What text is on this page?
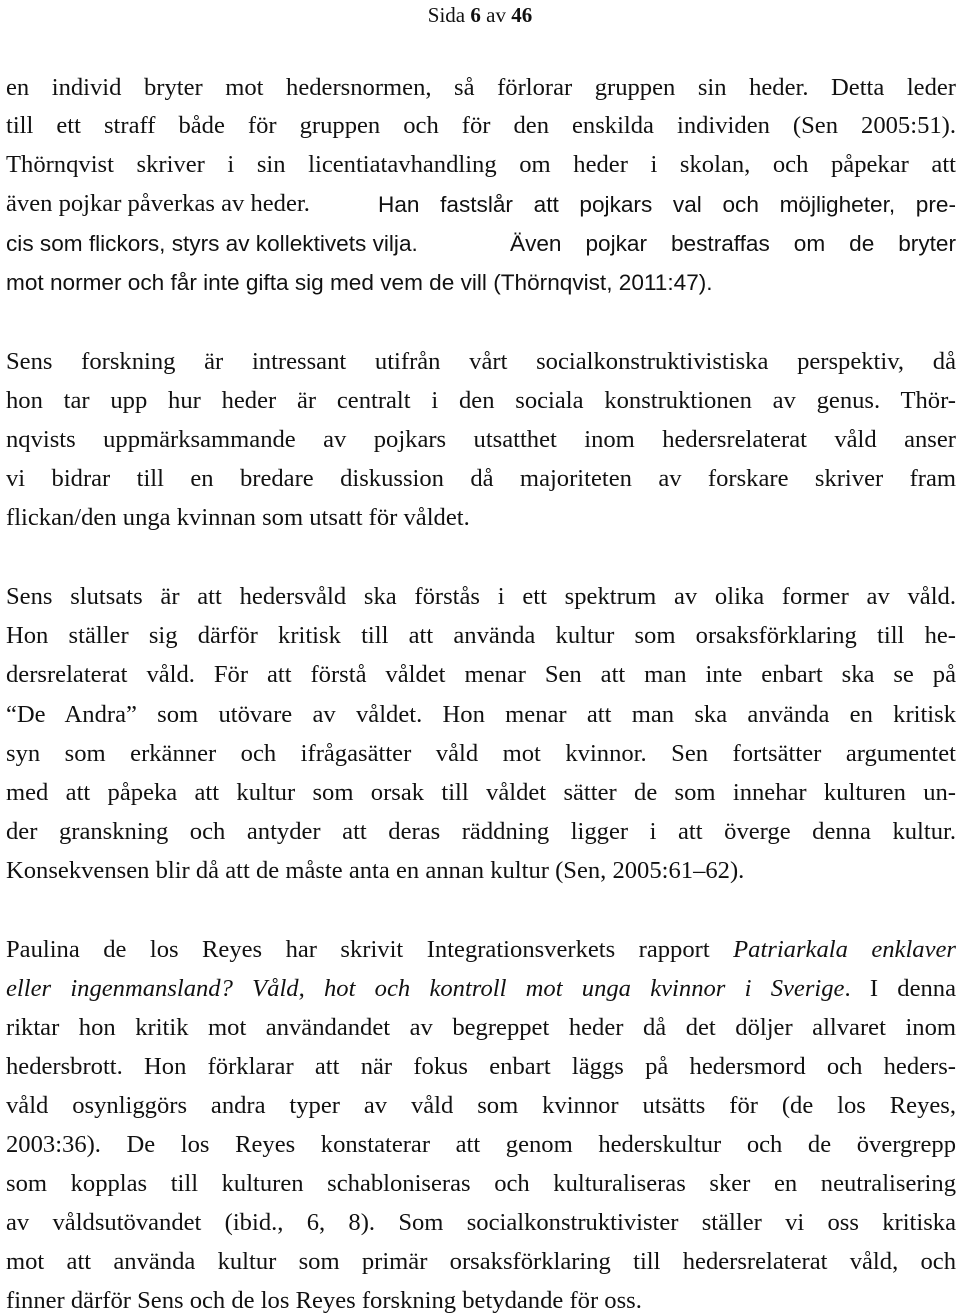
Sida 6 av 46
en individ bryter mot hedersnormen, så förlorar gruppen sin heder. Detta leder
till ett straff både för gruppen och för den enskilda individen (Sen 2005:51).
Thörnqvist skriver i sin licentiatavhandling om heder i skolan, och påpekar att
även pojkar påverkas av heder.	Han fastslår att pojkars val och möjligheter, pre-
cis som flickors, styrs av kollektivets vilja.	Även pojkar bestraffas om de bryter
mot normer och får inte gifta sig med vem de vill (Thörnqvist, 2011:47).
Sens forskning är intressant utifrån vårt socialkonstruktivistiska perspektiv, då
hon tar upp hur heder är centralt i den sociala konstruktionen av genus. Thör-
nqvists uppmärksammande av pojkars utsatthet inom hedersrelaterat våld anser
vi bidrar till en bredare diskussion då majoriteten av forskare skriver fram
flickan/den unga kvinnan som utsatt för våldet.
Sens slutsats är att hedersvåld ska förstås i ett spektrum av olika former av våld.
Hon ställer sig därför kritisk till att använda kultur som orsaksförklaring till he-
dersrelaterat våld. För att förstå våldet menar Sen att man inte enbart ska se på
“De Andra” som utövare av våldet. Hon menar att man ska använda en kritisk
syn som erkänner och ifrågasätter våld mot kvinnor. Sen fortsätter argumentet
med att påpeka att kultur som orsak till våldet sätter de som innehar kulturen un-
der granskning och antyder att deras räddning ligger i att överge denna kultur.
Konsekvensen blir då att de måste anta en annan kultur (Sen, 2005:61–62).
Paulina de los Reyes har skrivit Integrationsverkets rapport Patriarkala enklaver
eller ingenmansland? Våld, hot och kontroll mot unga kvinnor i Sverige. I denna
riktar hon kritik mot användandet av begreppet heder då det döljer allvaret inom
hedersbrott. Hon förklarar att när fokus enbart läggs på hedersmord och heders-
våld osynliggörs andra typer av våld som kvinnor utsätts för (de los Reyes,
2003:36). De los Reyes konstaterar att genom hederskultur och de övergrepp
som kopplas till kulturen schabloniseras och kulturaliseras sker en neutralisering
av våldsutövandet (ibid., 6, 8). Som socialkonstruktivister ställer vi oss kritiska
mot att använda kultur som primär orsaksförklaring till hedersrelaterat våld, och
finner därför Sens och de los Reyes forskning betydande för oss.
